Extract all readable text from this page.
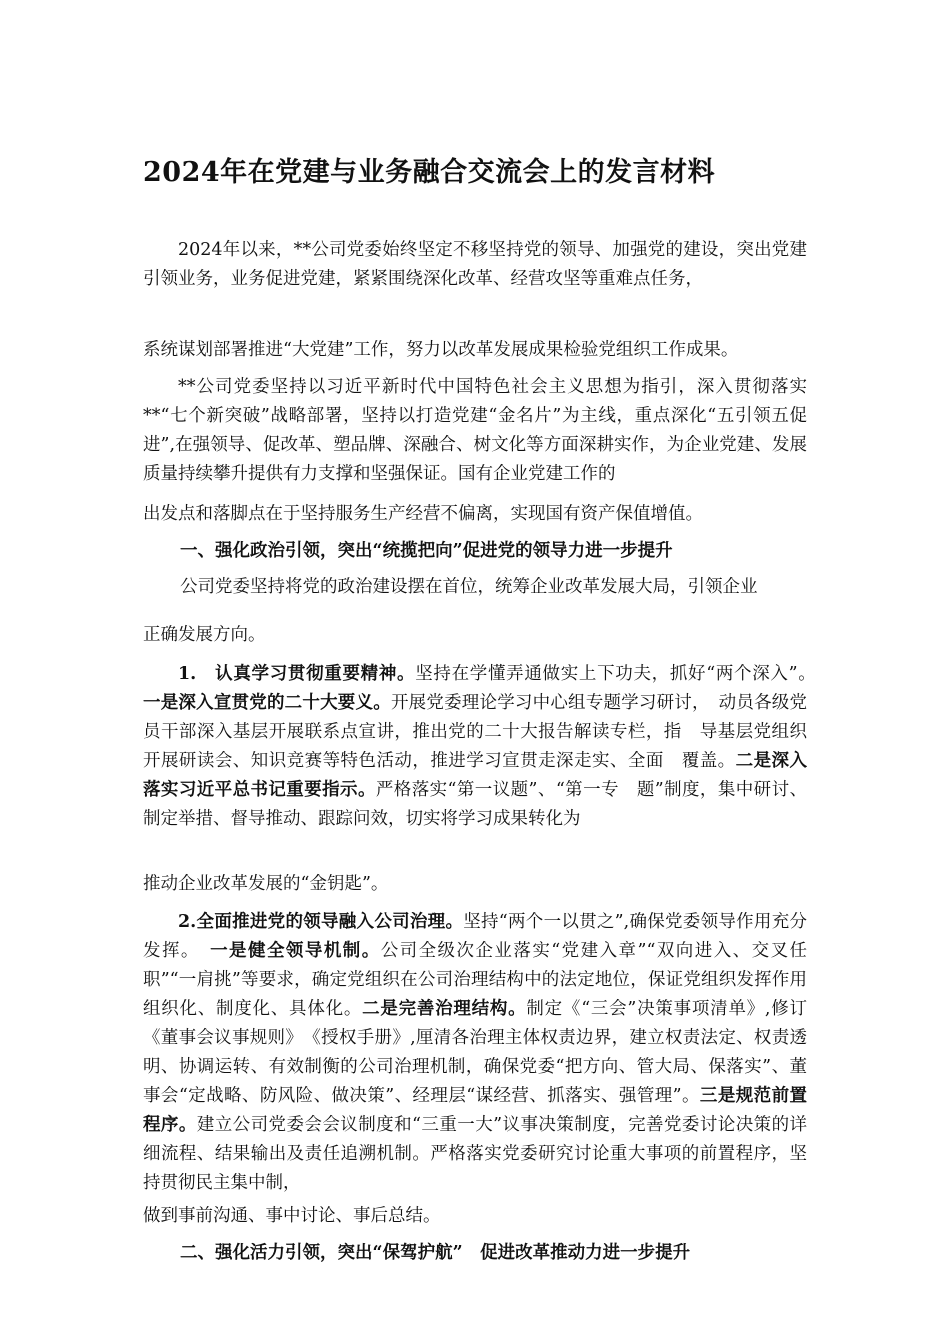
2024年在党建与业务融合交流会上的发言材料

2024年以来，**公司党委始终坚定不移坚持党的领导、加强党的建设，突出党建引领业务，业务促进党建，紧紧围绕深化改革、经营攻坚等重难点任务，

系统谋划部署推进“大党建”工作，努力以改革发展成果检验党组织工作成果。

**公司党委坚持以习近平新时代中国特色社会主义思想为指引，深入贯彻落实**“七个新突破”战略部署，坚持以打造党建“金名片”为主线，重点深化“五引领五促进”,在强领导、促改革、塑品牌、深融合、树文化等方面深耕实作，为企业党建、发展质量持续攀升提供有力支撑和坚强保证。国有企业党建工作的

出发点和落脚点在于坚持服务生产经营不偏离，实现国有资产保值增值。

一、强化政治引领，突出“统揽把向”促进党的领导力进一步提升

公司党委坚持将党的政治建设摆在首位，统筹企业改革发展大局，引领企业

正确发展方向。

1.　 认真学习贯彻重要精神。坚持在学懂弄通做实上下功夫，抓好“两个深入”。　一是深入宣贯党的二十大要义。开展党委理论学习中心组专题学习研讨，　动员各级党员干部深入基层开展联系点宣讲，推出党的二十大报告解读专栏，指　导基层党组织开展研读会、知识竞赛等特色活动，推进学习宣贯走深走实、全面　覆盖。二是深入落实习近平总书记重要指示。严格落实“第一议题”、“第一专　题”制度，集中研讨、制定举措、督导推动、跟踪问效，切实将学习成果转化为

推动企业改革发展的“金钥匙”。

2.全面推进党的领导融入公司治理。坚持“两个一以贯之”,确保党委领导作用充分发挥。　 一是健全领导机制。公司全级次企业落实“党建入章”“双向进入、交叉任职”“一肩挑”等要求，确定党组织在公司治理结构中的法定地位，保证党组织发挥作用组织化、制度化、具体化。二是完善治理结构。制定《“三会”决策事项清单》,修订《董事会议事规则》　《授权手册》,厘清各治理主体权责边界，建立权责法定、权责透明、协调运转、有效制衡的公司治理机制，确保党委“把方向、管大局、保落实”、董事会“定战略、防风险、做决策”、经理层“谋经营、抓落实、强管理”。三是规范前置程序。建立公司党委会会议制度和“三重一大”议事决策制度，完善党委讨论决策的详细流程、结果输出及责任追溯机制。严格落实党委研究讨论重大事项的前置程序，坚持贯彻民主集中制，

做到事前沟通、事中讨论、事后总结。

二、强化活力引领，突出“保驾护航”　促进改革推动力进一步提升
